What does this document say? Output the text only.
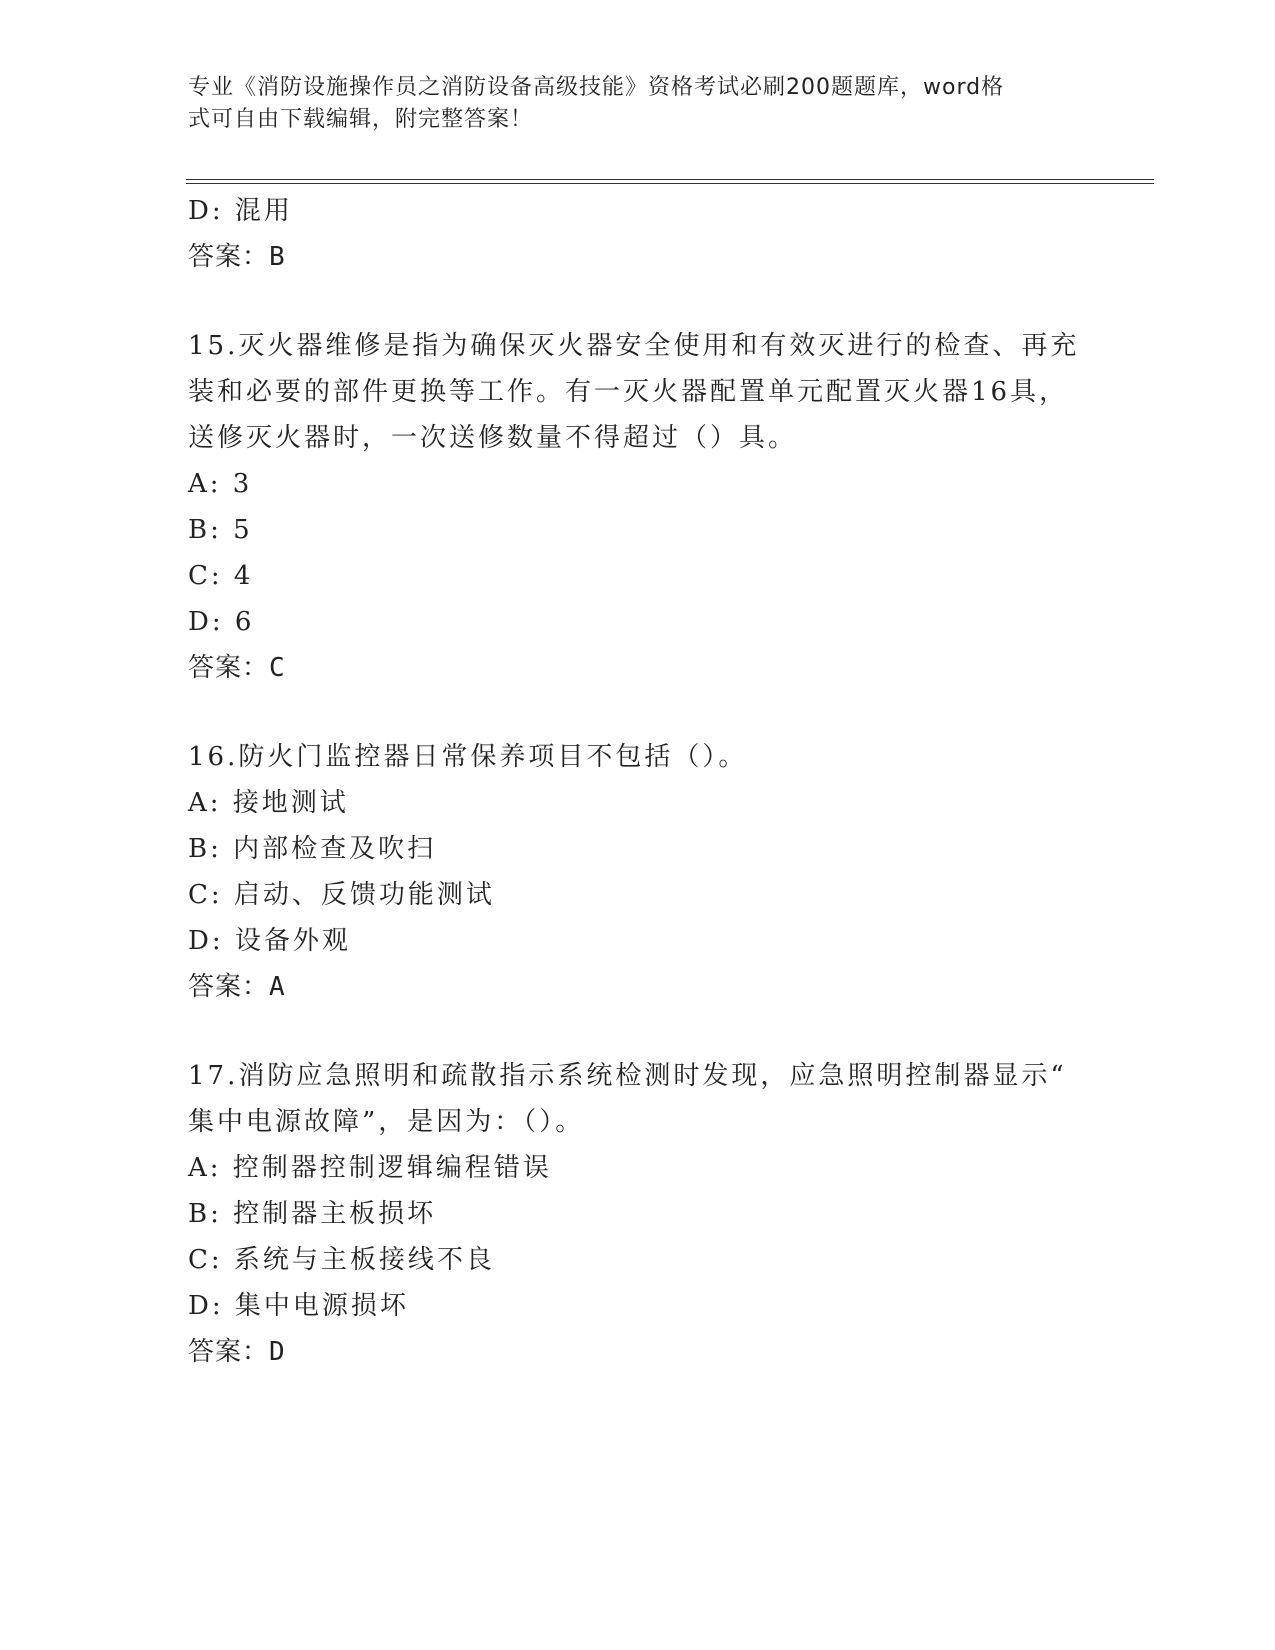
专业《消防设施操作员之消防设备高级技能》资格考试必刷200题题库，word格
式可自由下载编辑，附完整答案！
D: 混用
答案：B
15.灭火器维修是指为确保灭火器安全使用和有效灭进行的检查、再充
装和必要的部件更换等工作。有一灭火器配置单元配置灭火器16具，
送修灭火器时，一次送修数量不得超过（）具。
A: 3
B: 5
C: 4
D: 6
答案：C
16.防火门监控器日常保养项目不包括（）。
A: 接地测试
B: 内部检查及吹扫
C: 启动、反馈功能测试
D: 设备外观
答案：A
17.消防应急照明和疏散指示系统检测时发现，应急照明控制器显示“
集中电源故障”，是因为：（）。
A: 控制器控制逻辑编程错误
B: 控制器主板损坏
C: 系统与主板接线不良
D: 集中电源损坏
答案：D
